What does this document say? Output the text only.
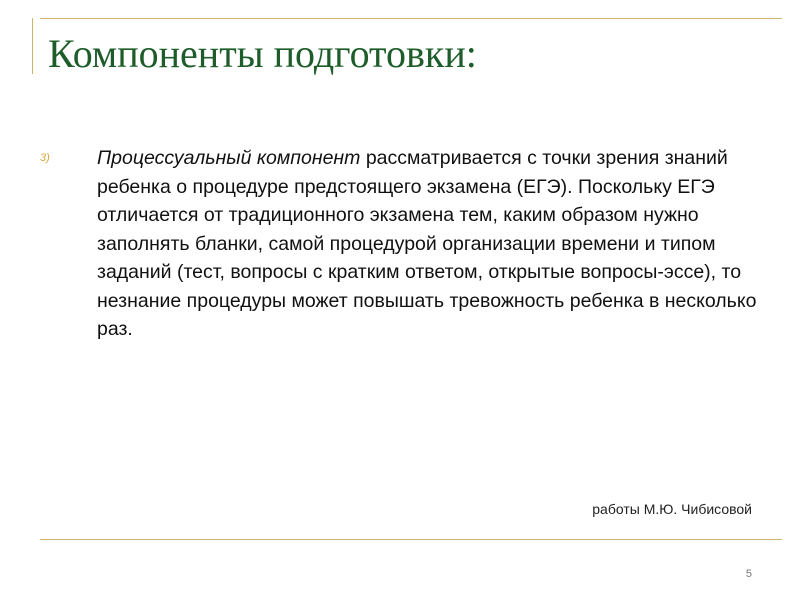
Компоненты подготовки:
3) Процессуальный компонент рассматривается с точки зрения знаний ребенка о процедуре предстоящего экзамена (ЕГЭ). Поскольку ЕГЭ отличается от традиционного экзамена тем, каким образом нужно заполнять бланки, самой процедурой организации времени и типом заданий (тест, вопросы с кратким ответом, открытые вопросы-эссе), то незнание процедуры может повышать тревожность ребенка в несколько раз.

работы М.Ю. Чибисовой
5
